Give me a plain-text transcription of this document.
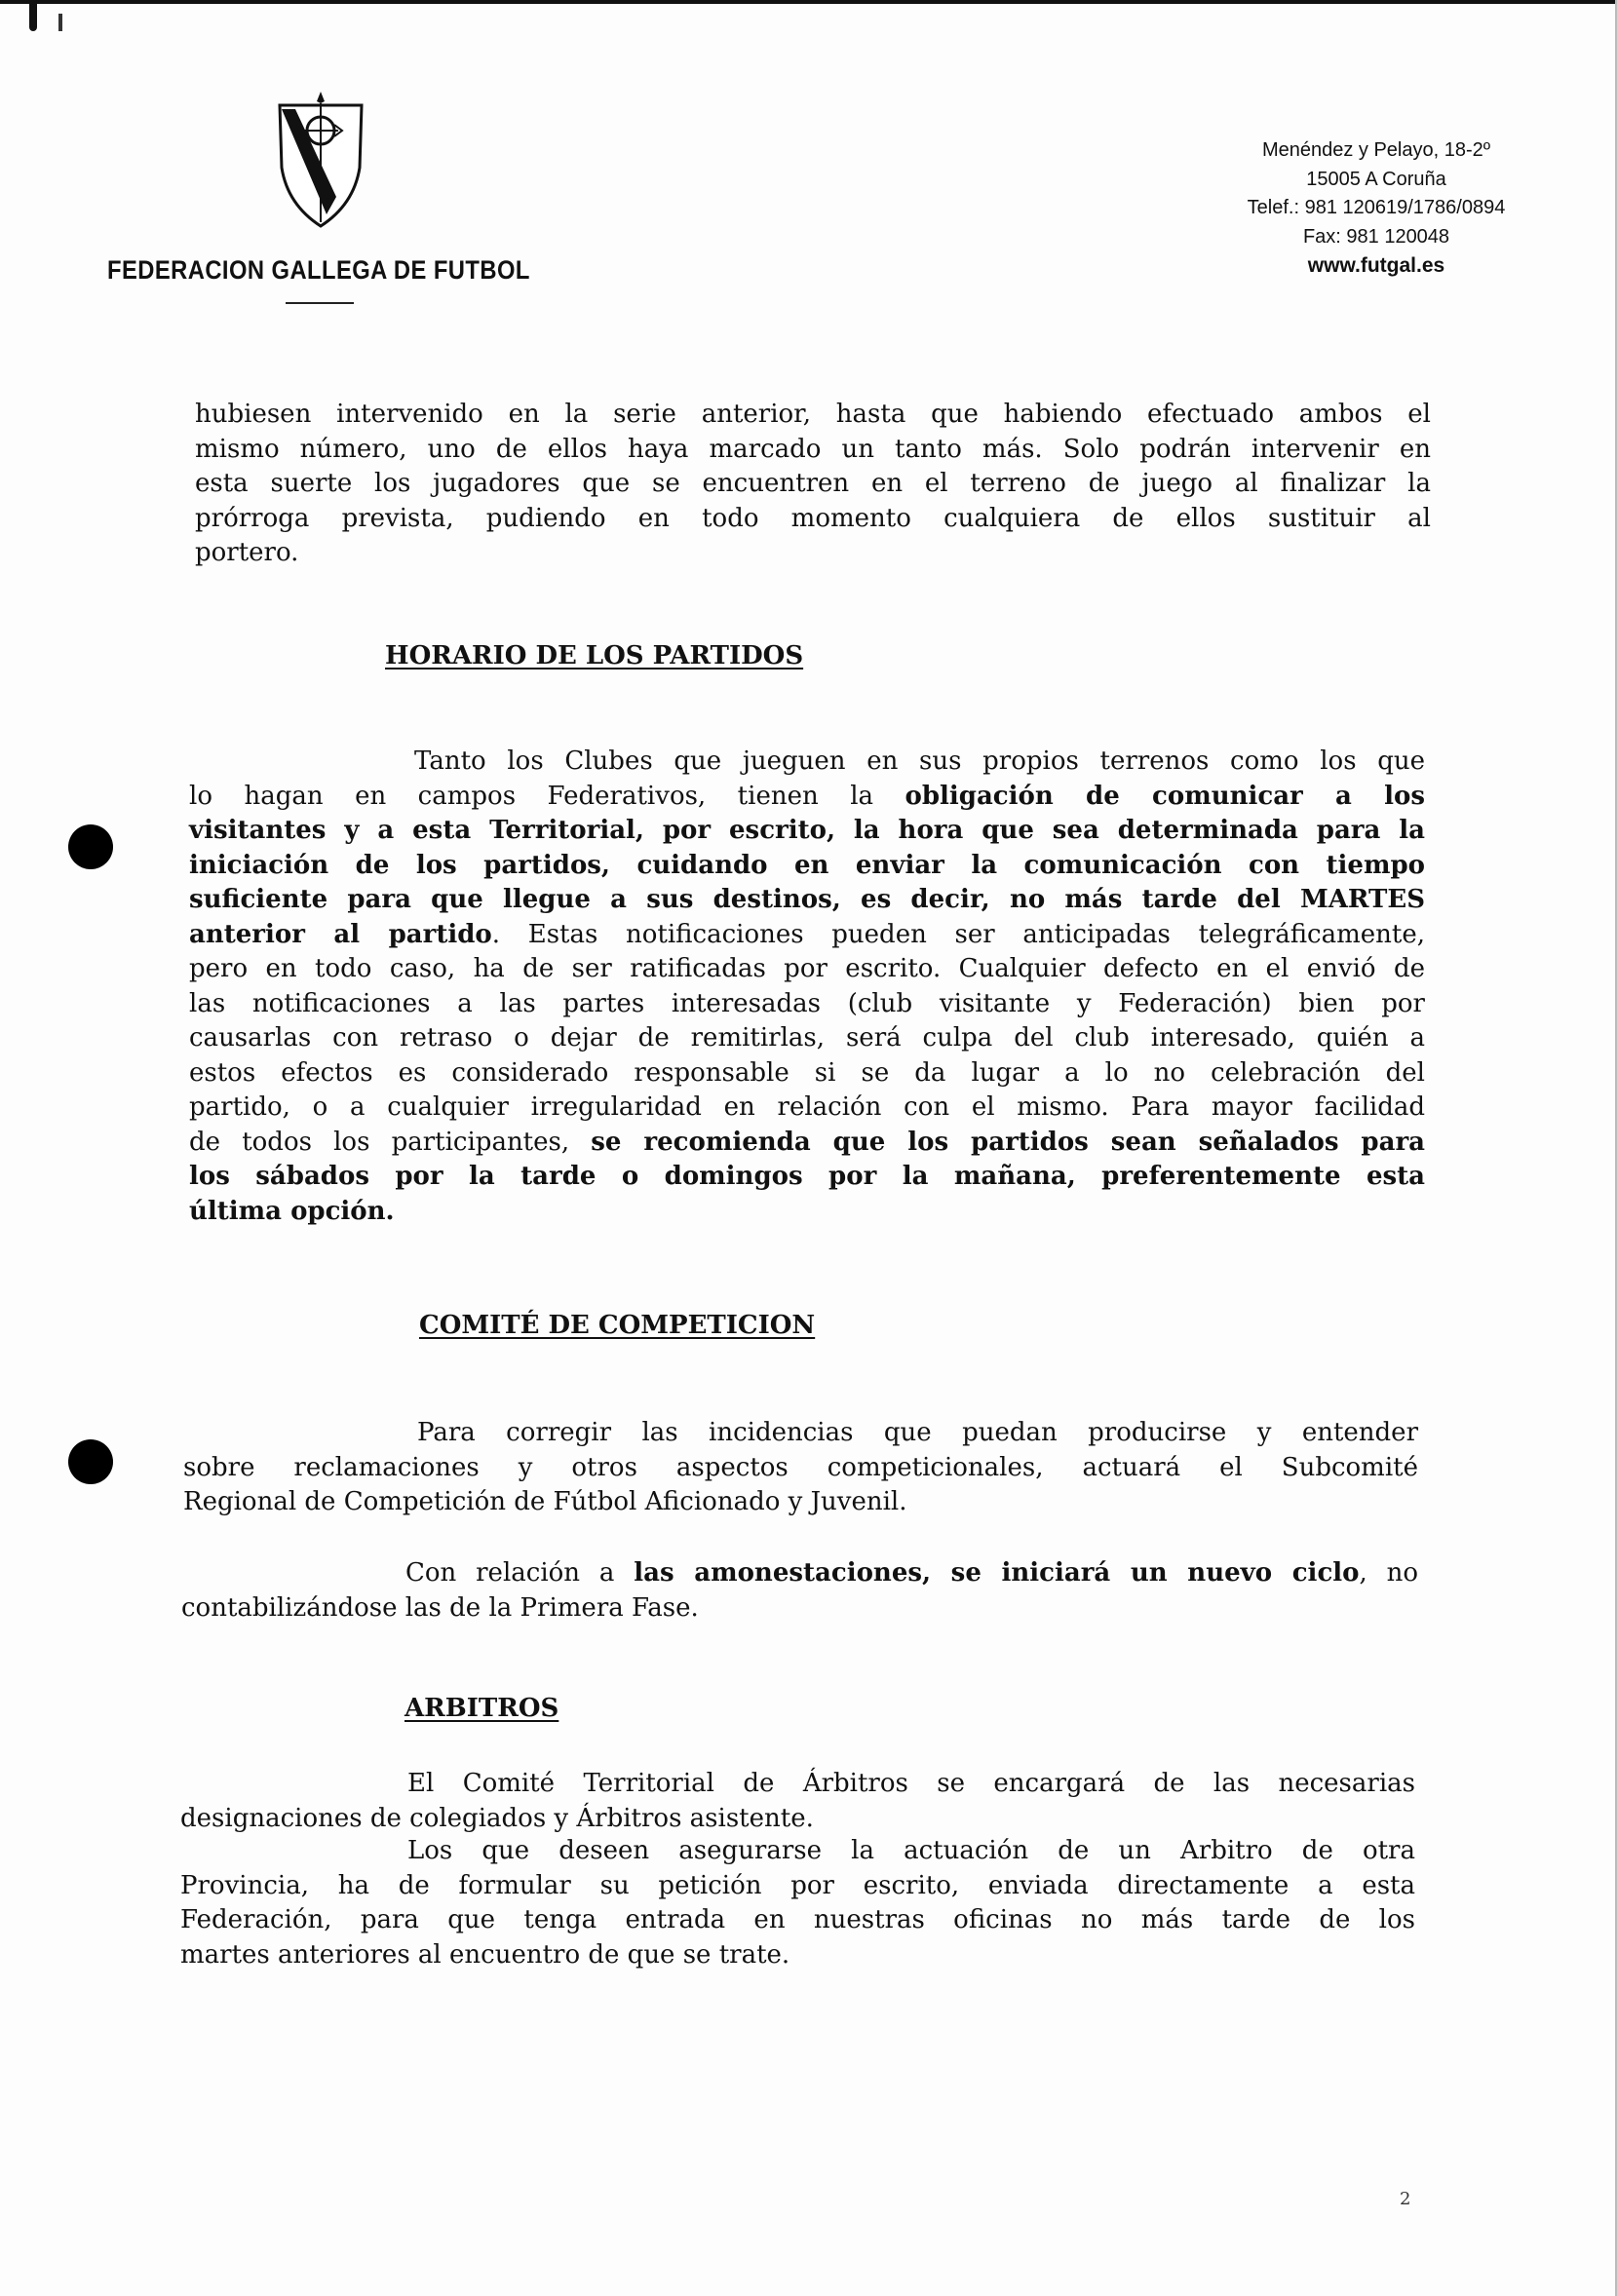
FEDERACION GALLEGA DE FUTBOL
Menéndez y Pelayo, 18-2º
15005 A Coruña
Telef.: 981 120619/1786/0894
Fax: 981 120048
www.futgal.es
hubiesen intervenido en la serie anterior, hasta que habiendo efectuado ambos el
mismo número, uno de ellos haya marcado un tanto más. Solo podrán intervenir en
esta suerte los jugadores que se encuentren en el terreno de juego al finalizar la
prórroga prevista, pudiendo en todo momento cualquiera de ellos sustituir al
portero.
HORARIO DE LOS PARTIDOS
Tanto los Clubes que jueguen en sus propios terrenos como los que
lo hagan en campos Federativos, tienen la obligación de comunicar a los
visitantes y a esta Territorial, por escrito, la hora que sea determinada para la
iniciación de los partidos, cuidando en enviar la comunicación con tiempo
suficiente para que llegue a sus destinos, es decir, no más tarde del MARTES
anterior al partido. Estas notificaciones pueden ser anticipadas telegráficamente,
pero en todo caso, ha de ser ratificadas por escrito. Cualquier defecto en el envió de
las notificaciones a las partes interesadas (club visitante y Federación) bien por
causarlas con retraso o dejar de remitirlas, será culpa del club interesado, quién a
estos efectos es considerado responsable si se da lugar a lo no celebración del
partido, o a cualquier irregularidad en relación con el mismo. Para mayor facilidad
de todos los participantes, se recomienda que los partidos sean señalados para
los sábados por la tarde o domingos por la mañana, preferentemente esta
última opción.
COMITÉ DE COMPETICION
Para corregir las incidencias que puedan producirse y entender
sobre reclamaciones y otros aspectos competicionales, actuará el Subcomité
Regional de Competición de Fútbol Aficionado y Juvenil.
Con relación a las amonestaciones, se iniciará un nuevo ciclo, no
contabilizándose las de la Primera Fase.
ARBITROS
El Comité Territorial de Árbitros se encargará de las necesarias
designaciones de colegiados y Árbitros asistente.
Los que deseen asegurarse la actuación de un Arbitro de otra
Provincia, ha de formular su petición por escrito, enviada directamente a esta
Federación, para que tenga entrada en nuestras oficinas no más tarde de los
martes anteriores al encuentro de que se trate.
2
